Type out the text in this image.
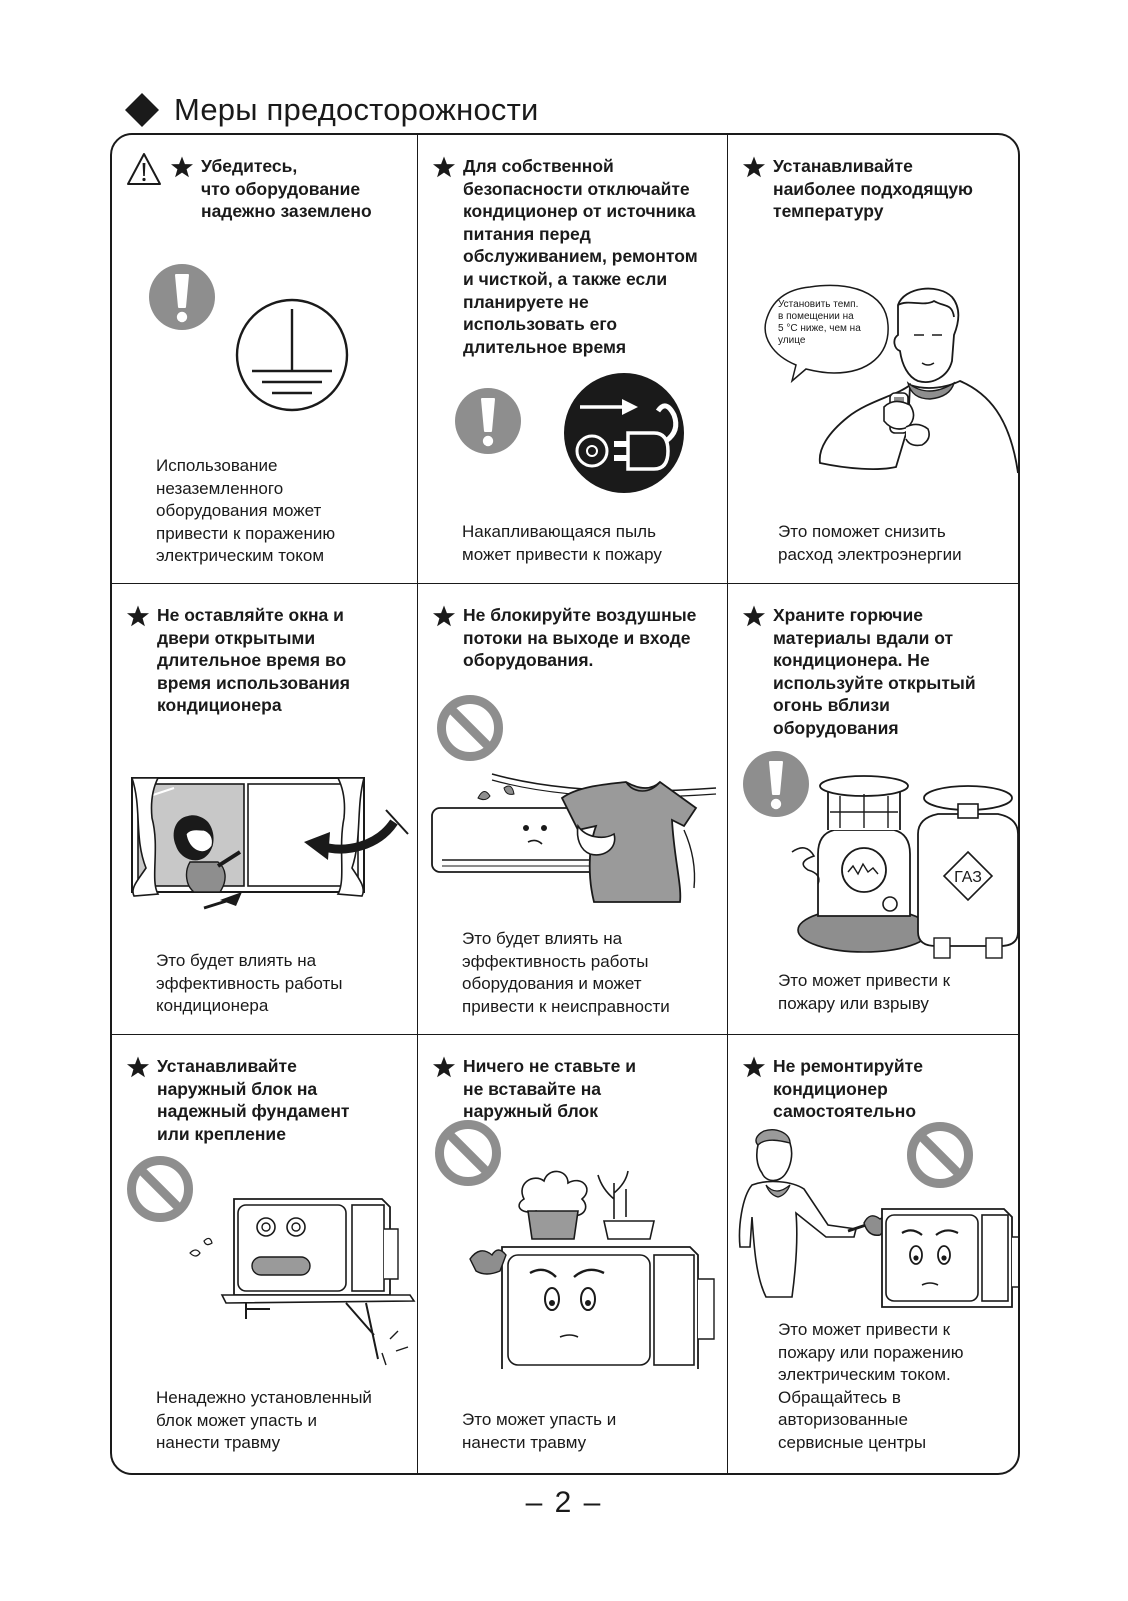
Меры предосторожности
Убедитесь,
что оборудование
надежно заземлено
Использование
незаземленного
оборудования может
привести к поражению
электрическим током
Для собственной
безопасности отключайте
кондиционер от источника
питания перед
обслуживанием, ремонтом
и чисткой, а также если
планируете не
использовать его
длительное время
Накапливающаяся пыль
может привести к пожару
Устанавливайте
наиболее подходящую
температуру
Установить темп.
в помещении на
5 °С ниже, чем на
улице
Это поможет снизить
расход электроэнергии
Не оставляйте окна и
двери открытыми
длительное время во
время использования
кондиционера
Это будет влиять на
эффективность работы
кондиционера
Не блокируйте воздушные
потоки на выходе и входе
оборудования.
Это будет влиять на
эффективность работы
оборудования и может
привести к неисправности
Храните горючие
материалы вдали от
кондиционера. Не
используйте открытый
огонь вблизи
оборудования
ГАЗ
Это может привести к
пожару или взрыву
Устанавливайте
наружный блок на
надежный фундамент
или крепление
Ненадежно установленный
блок может упасть и
нанести травму
Ничего не ставьте и
не вставайте на
наружный блок
Это может упасть и
нанести травму
Не ремонтируйте
кондиционер
самостоятельно
Это может привести к
пожару или поражению
электрическим током.
Обращайтесь в
авторизованные
сервисные центры
– 2 –
